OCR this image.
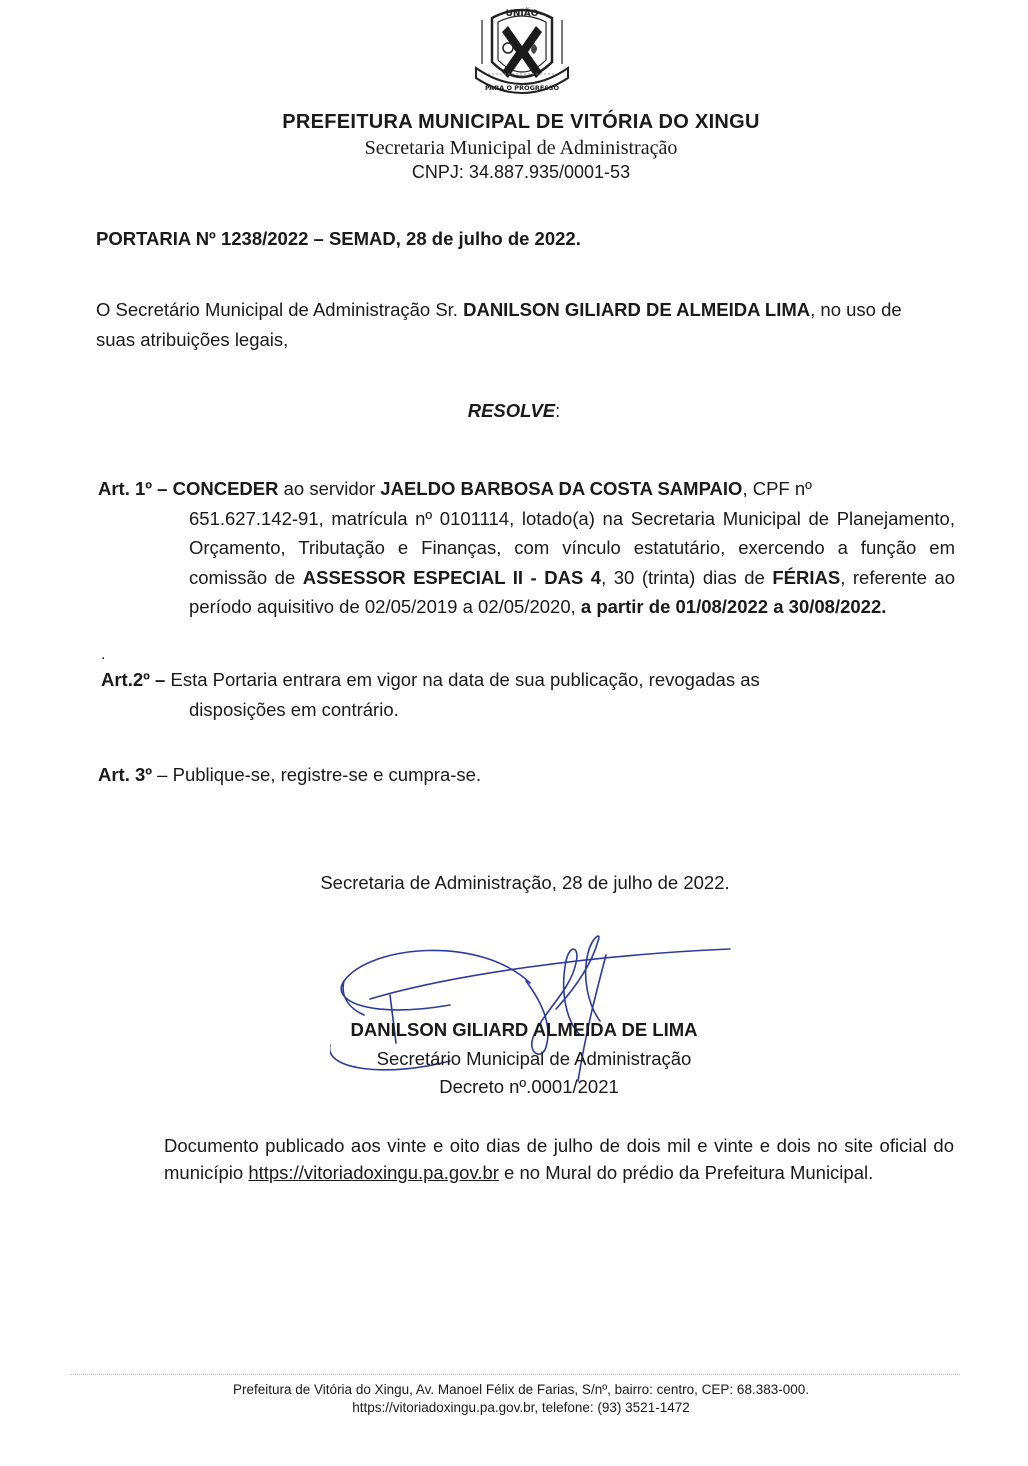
UNIÃO
PARA O PROGRESSO
PREFEITURA MUNICIPAL DE VITÓRIA DO XINGU
Secretaria Municipal de Administração
CNPJ: 34.887.935/0001-53
PORTARIA Nº 1238/2022 – SEMAD, 28 de julho de 2022.
O Secretário Municipal de Administração Sr. DANILSON GILIARD DE ALMEIDA LIMA, no uso de suas atribuições legais,
RESOLVE:
Art. 1º – CONCEDER ao servidor JAELDO BARBOSA DA COSTA SAMPAIO, CPF nº
651.627.142-91, matrícula nº 0101114, lotado(a) na Secretaria Municipal de Planejamento, Orçamento, Tributação e Finanças, com vínculo estatutário, exercendo a função em comissão de ASSESSOR ESPECIAL II - DAS 4, 30 (trinta) dias de FÉRIAS, referente ao período aquisitivo de 02/05/2019 a 02/05/2020, a partir de 01/08/2022 a 30/08/2022.
.
Art.2º – Esta Portaria entrara em vigor na data de sua publicação, revogadas as
disposições em contrário.
Art. 3º – Publique-se, registre-se e cumpra-se.
Secretaria de Administração, 28 de julho de 2022.
DANILSON GILIARD ALMEIDA DE LIMA
Secretário Municipal de Administração
Decreto nº.0001/2021
Documento publicado aos vinte e oito dias de julho de dois mil e vinte e dois no site oficial do município https://vitoriadoxingu.pa.gov.br e no Mural do prédio da Prefeitura Municipal.
Prefeitura de Vitória do Xingu, Av. Manoel Félix de Farias, S/nº, bairro: centro, CEP: 68.383-000.
https://vitoriadoxingu.pa.gov.br, telefone: (93) 3521-1472
